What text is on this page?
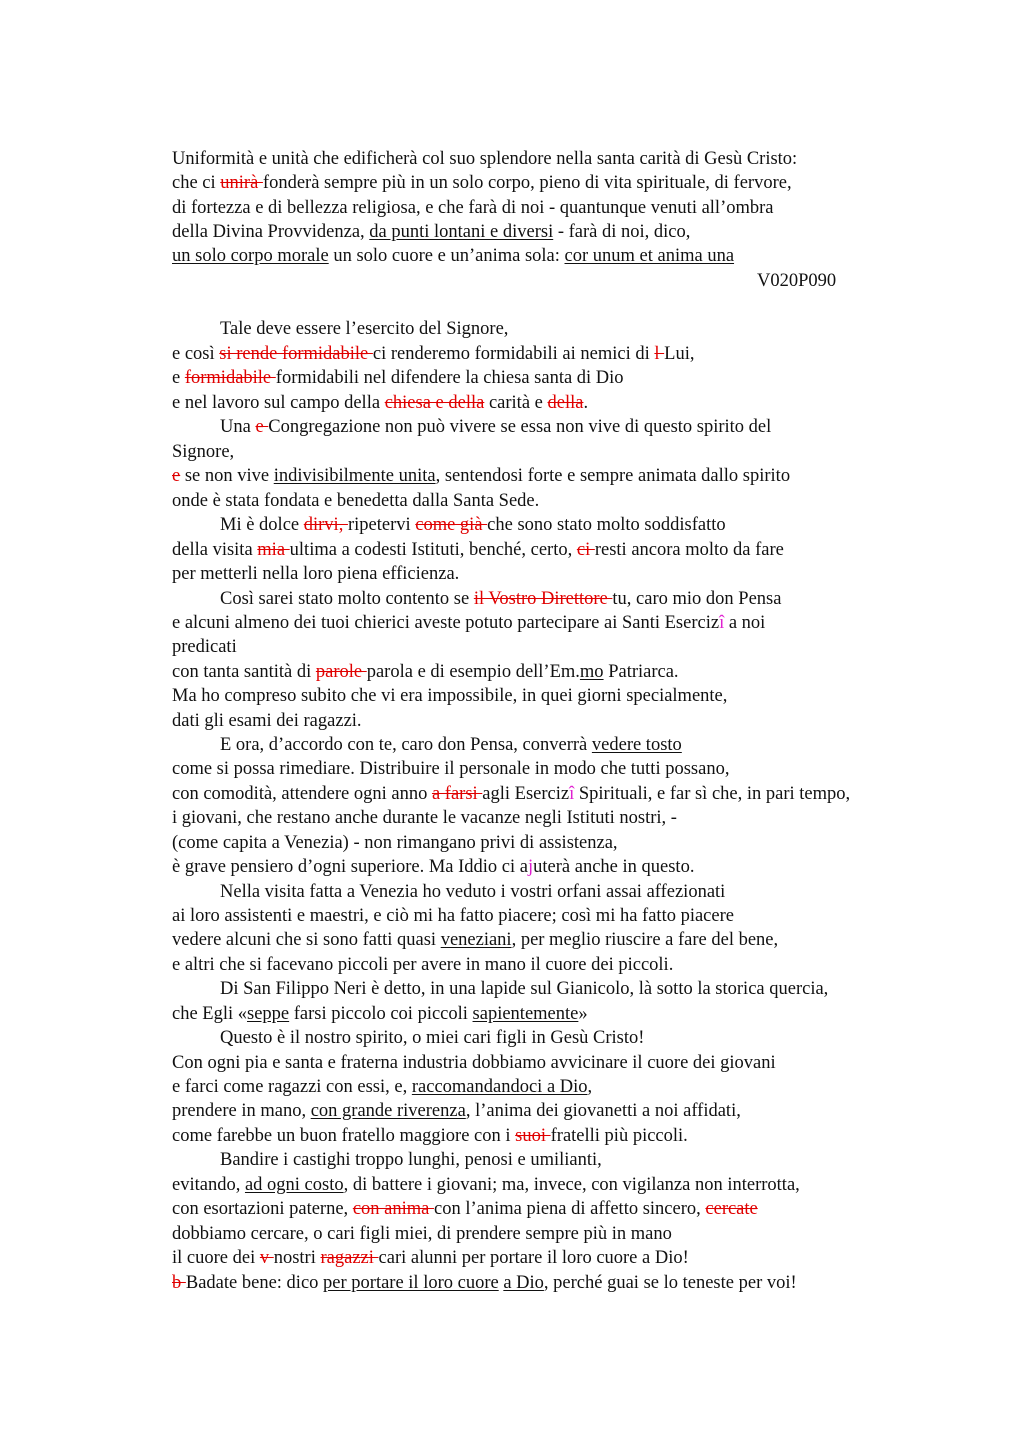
Uniformità e unità che edificherà col suo splendore nella santa carità di Gesù Cristo:
che ci unirà fonderà sempre più in un solo corpo, pieno di vita spirituale, di fervore,
di fortezza e di bellezza religiosa, e che farà di noi - quantunque venuti all’ombra
della Divina Provvidenza, da punti lontani e diversi - farà di noi, dico,
un solo corpo morale un solo cuore e un’anima sola: cor unum et anima una
Tale deve essere l’esercito del Signore,
e così si rende formidabile ci renderemo formidabili ai nemici di l Lui,
e formidabile formidabili nel difendere la chiesa santa di Dio
e nel lavoro sul campo della chiesa e della carità e della.
Una e Congregazione non può vivere se essa non vive di questo spirito del
Signore,
e se non vive indivisibilmente unita, sentendosi forte e sempre animata dallo spirito
onde è stata fondata e benedetta dalla Santa Sede.
Mi è dolce dirvi, ripetervi come già che sono stato molto soddisfatto
della visita mia ultima a codesti Istituti, benché, certo, ci resti ancora molto da fare
per metterli nella loro piena efficienza.
Così sarei stato molto contento se il Vostro Direttore tu, caro mio don Pensa
e alcuni almeno dei tuoi chierici aveste potuto partecipare ai Santi Esercizî a noi
predicati
con tanta santità di parole parola e di esempio dell’Em.mo Patriarca.
Ma ho compreso subito che vi era impossibile, in quei giorni specialmente,
dati gli esami dei ragazzi.
E ora, d’accordo con te, caro don Pensa, converrà vedere tosto
come si possa rimediare. Distribuire il personale in modo che tutti possano,
con comodità, attendere ogni anno a farsi agli Esercizî Spirituali, e far sì che, in pari tempo,
i giovani, che restano anche durante le vacanze negli Istituti nostri, -
(come capita a Venezia) - non rimangano privi di assistenza,
è grave pensiero d’ogni superiore. Ma Iddio ci ajuterà anche in questo.
Nella visita fatta a Venezia ho veduto i vostri orfani assai affezionati
ai loro assistenti e maestri, e ciò mi ha fatto piacere; così mi ha fatto piacere
vedere alcuni che si sono fatti quasi veneziani, per meglio riuscire a fare del bene,
e altri che si facevano piccoli per avere in mano il cuore dei piccoli.
Di San Filippo Neri è detto, in una lapide sul Gianicolo, là sotto la storica quercia,
che Egli «seppe farsi piccolo coi piccoli sapientemente»
Questo è il nostro spirito, o miei cari figli in Gesù Cristo!
Con ogni pia e santa e fraterna industria dobbiamo avvicinare il cuore dei giovani
e farci come ragazzi con essi, e, raccomandandoci a Dio,
prendere in mano, con grande riverenza, l’anima dei giovanetti a noi affidati,
come farebbe un buon fratello maggiore con i suoi fratelli più piccoli.
Bandire i castighi troppo lunghi, penosi e umilianti,
evitando, ad ogni costo, di battere i giovani; ma, invece, con vigilanza non interrotta,
con esortazioni paterne, con anima con l’anima piena di affetto sincero, cercate
dobbiamo cercare, o cari figli miei, di prendere sempre più in mano
il cuore dei v nostri ragazzi cari alunni per portare il loro cuore a Dio!
b Badate bene: dico per portare il loro cuore a Dio, perché guai se lo teneste per voi!
V020P090
